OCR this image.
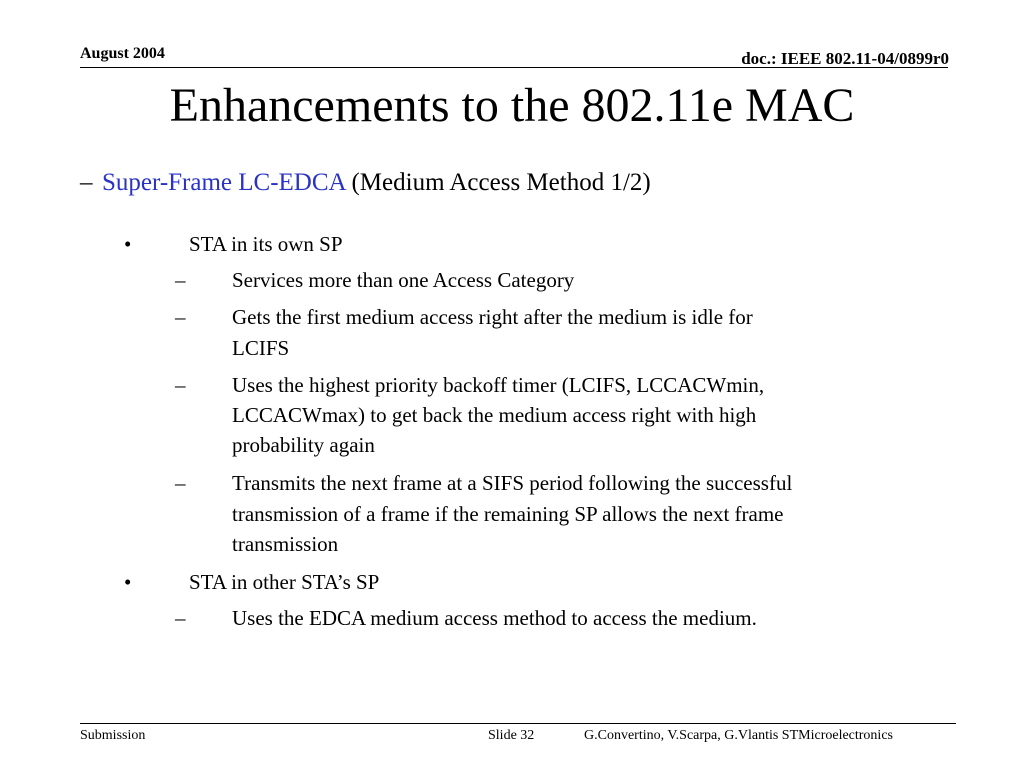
August 2004	doc.: IEEE 802.11-04/0899r0
Enhancements to the 802.11e MAC
– Super-Frame LC-EDCA (Medium Access Method 1/2)
•	STA in its own SP
– Services more than one Access Category
– Gets the first medium access right after the medium is idle for
LCIFS
– Uses the highest priority backoff timer (LCIFS, LCCACWmin,
LCCACWmax) to get back the medium access right with high
probability again
– Transmits the next frame at a SIFS period following the successful
transmission of a frame if the remaining SP allows the next frame
transmission
•	STA in other STA’s SP
– Uses the EDCA medium access method to access the medium.
Submission	Slide 32	G.Convertino, V.Scarpa, G.Vlantis STMicroelectronics
